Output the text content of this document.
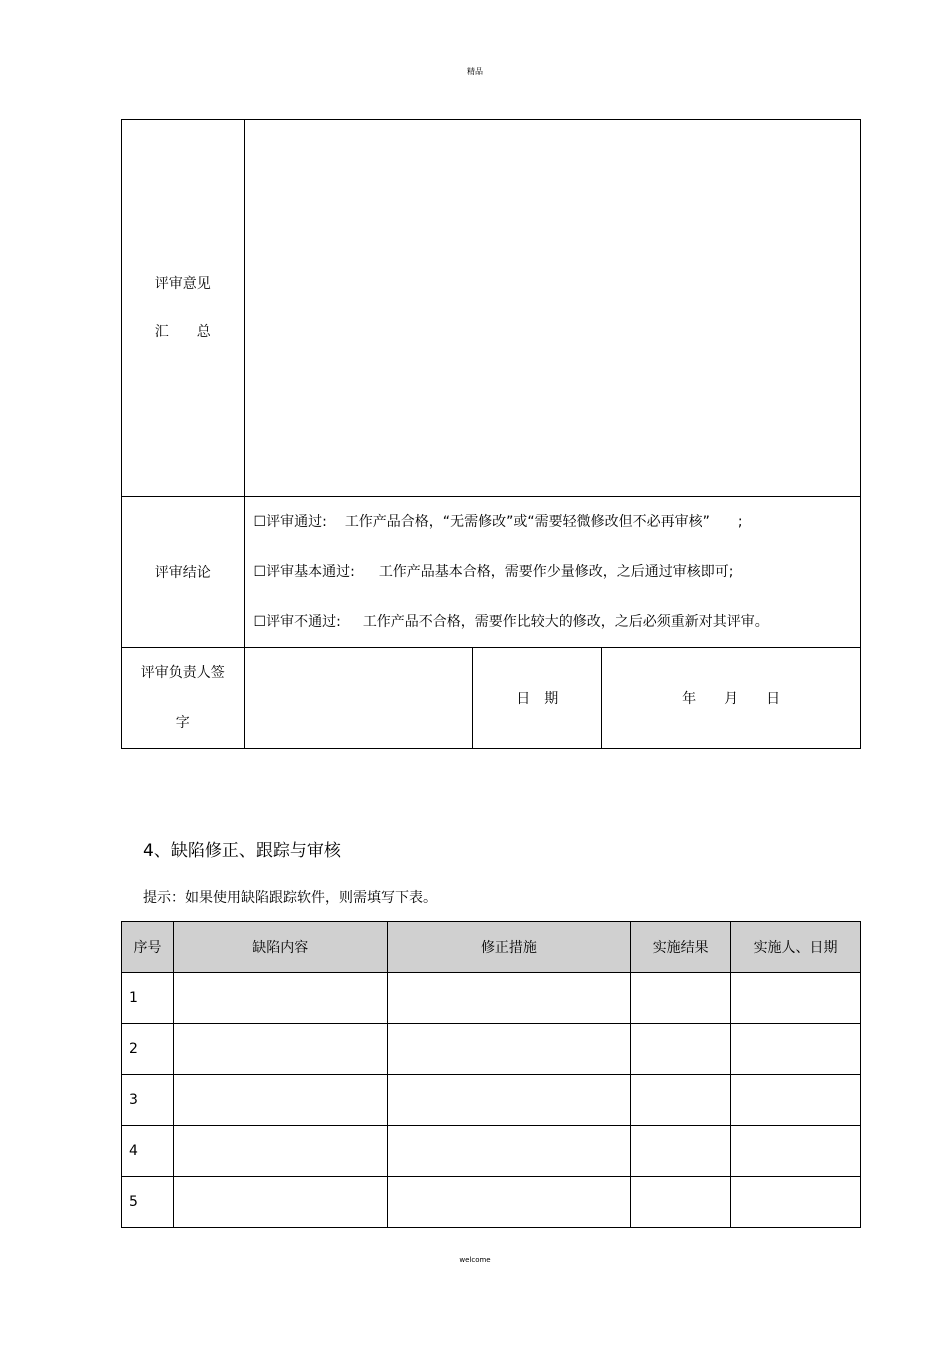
精品
评审意见
汇　　总			

评审结论	☐评审通过: 工作产品合格，“无需修改”或“需要轻微修改但不必再审核” ;
☐评审基本通过: 工作产品基本合格，需要作少量修改，之后通过审核即可;
☐评审不通过: 工作产品不合格，需要作比较大的修改，之后必须重新对其评审。		

评审负责人签
字		日　期	年　　月　　日
4、缺陷修正、跟踪与审核
提示：如果使用缺陷跟踪软件，则需填写下表。
序号	缺陷内容	修正措施	实施结果	实施人、日期
1				
2				
3				
4				
5				
welcome
